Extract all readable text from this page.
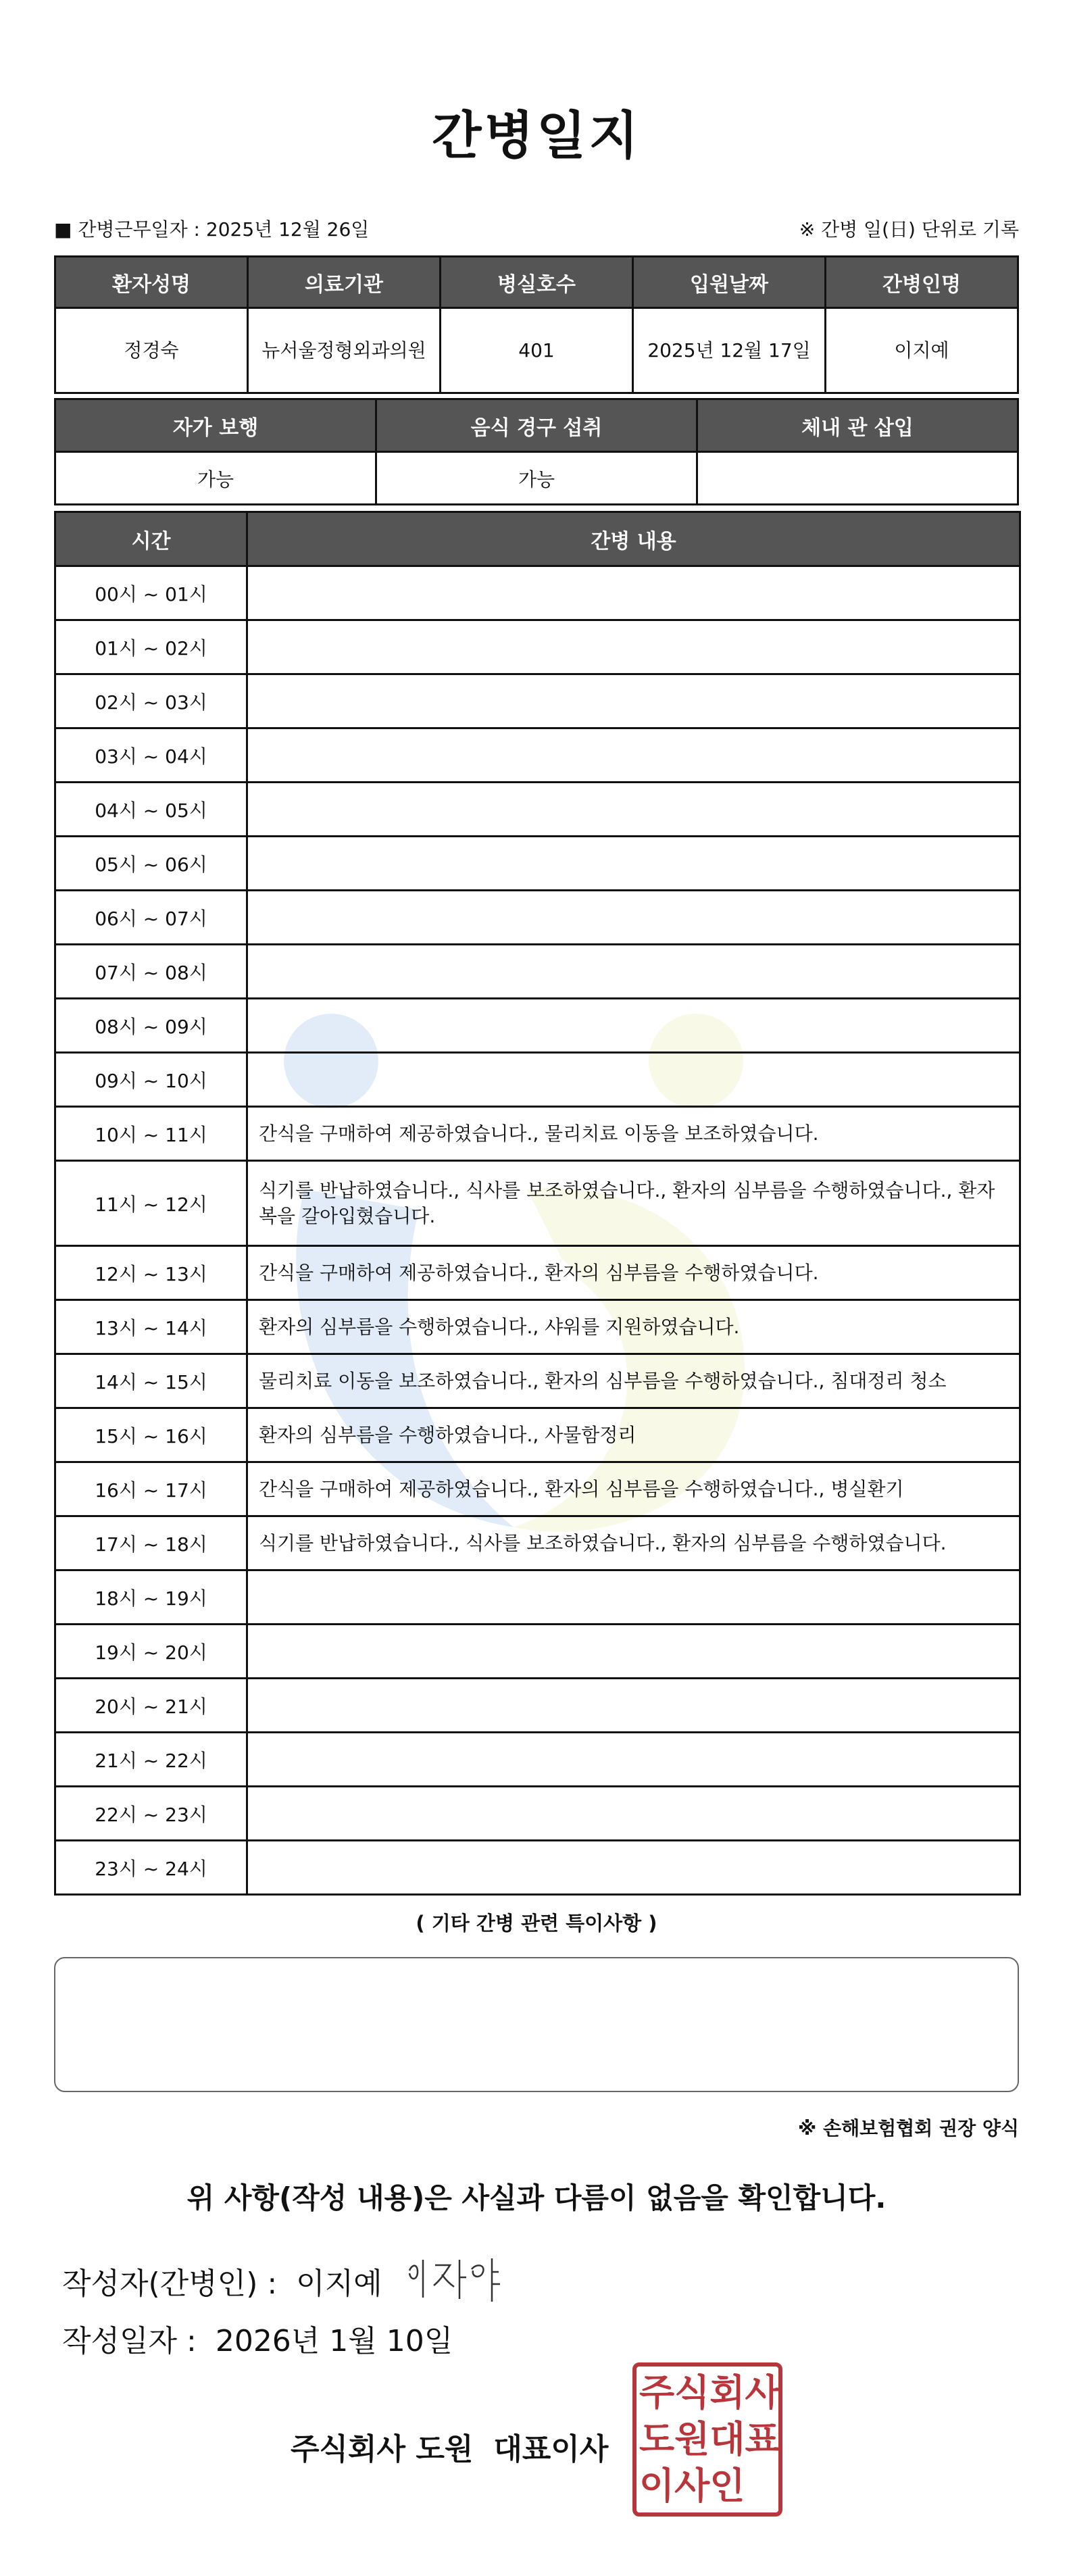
간병일지
■ 간병근무일자 : 2025년 12월 26일	※ 간병 일(日) 단위로 기록
환자성명	의료기관	병실호수	입원날짜	간병인명
정경숙	뉴서울정형외과의원	401	2025년 12월 17일	이지예
자가 보행	음식 경구 섭취	체내 관 삽입
가능	가능	
시간	간병 내용
00시 ~ 01시	
01시 ~ 02시	
02시 ~ 03시	
03시 ~ 04시	
04시 ~ 05시	
05시 ~ 06시	
06시 ~ 07시	
07시 ~ 08시	
08시 ~ 09시	
09시 ~ 10시	
10시 ~ 11시	간식을 구매하여 제공하였습니다., 물리치료 이동을 보조하였습니다.
11시 ~ 12시	식기를 반납하였습니다., 식사를 보조하였습니다., 환자의 심부름을 수행하였습니다., 환자복을 갈아입혔습니다.
12시 ~ 13시	간식을 구매하여 제공하였습니다., 환자의 심부름을 수행하였습니다.
13시 ~ 14시	환자의 심부름을 수행하였습니다., 샤워를 지원하였습니다.
14시 ~ 15시	물리치료 이동을 보조하였습니다., 환자의 심부름을 수행하였습니다., 침대정리 청소
15시 ~ 16시	환자의 심부름을 수행하였습니다., 사물함정리
16시 ~ 17시	간식을 구매하여 제공하였습니다., 환자의 심부름을 수행하였습니다., 병실환기
17시 ~ 18시	식기를 반납하였습니다., 식사를 보조하였습니다., 환자의 심부름을 수행하였습니다.
18시 ~ 19시	
19시 ~ 20시	
20시 ~ 21시	
21시 ~ 22시	
22시 ~ 23시	
23시 ~ 24시	
( 기타 간병 관련 특이사항 )
※ 손해보험협회 권장 양식
위 사항(작성 내용)은 사실과 다름이 없음을 확인합니다.
작성자(간병인) : 이지예
작성일자 : 2026년 1월 10일
주식회사 도원 대표이사
주 식 회 사
도 원 대 표
이 사 인
